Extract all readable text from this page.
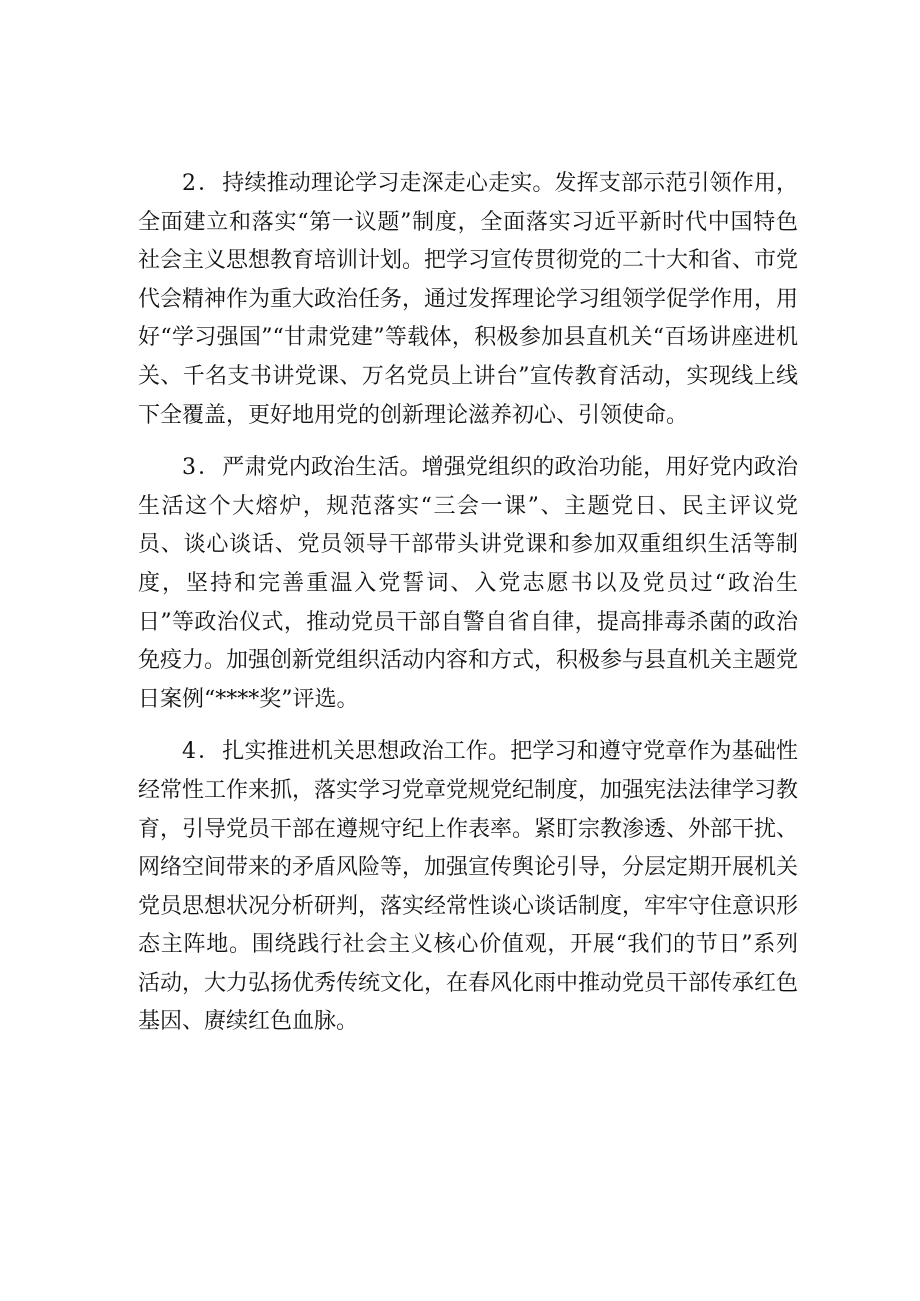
2．持续推动理论学习走深走心走实。发挥支部示范引领作用，全面建立和落实“第一议题”制度，全面落实习近平新时代中国特色社会主义思想教育培训计划。把学习宣传贯彻党的二十大和省、市党代会精神作为重大政治任务，通过发挥理论学习组领学促学作用，用好“学习强国”“甘肃党建”等载体，积极参加县直机关“百场讲座进机关、千名支书讲党课、万名党员上讲台”宣传教育活动，实现线上线下全覆盖，更好地用党的创新理论滋养初心、引领使命。

3．严肃党内政治生活。增强党组织的政治功能，用好党内政治生活这个大熔炉，规范落实“三会一课”、主题党日、民主评议党员、谈心谈话、党员领导干部带头讲党课和参加双重组织生活等制度，坚持和完善重温入党誓词、入党志愿书以及党员过“政治生日”等政治仪式，推动党员干部自警自省自律，提高排毒杀菌的政治免疫力。加强创新党组织活动内容和方式，积极参与县直机关主题党日案例“****奖”评选。

4．扎实推进机关思想政治工作。把学习和遵守党章作为基础性经常性工作来抓，落实学习党章党规党纪制度，加强宪法法律学习教育，引导党员干部在遵规守纪上作表率。紧盯宗教渗透、外部干扰、网络空间带来的矛盾风险等，加强宣传舆论引导，分层定期开展机关党员思想状况分析研判，落实经常性谈心谈话制度，牢牢守住意识形态主阵地。围绕践行社会主义核心价值观，开展“我们的节日”系列活动，大力弘扬优秀传统文化，在春风化雨中推动党员干部传承红色基因、赓续红色血脉。
